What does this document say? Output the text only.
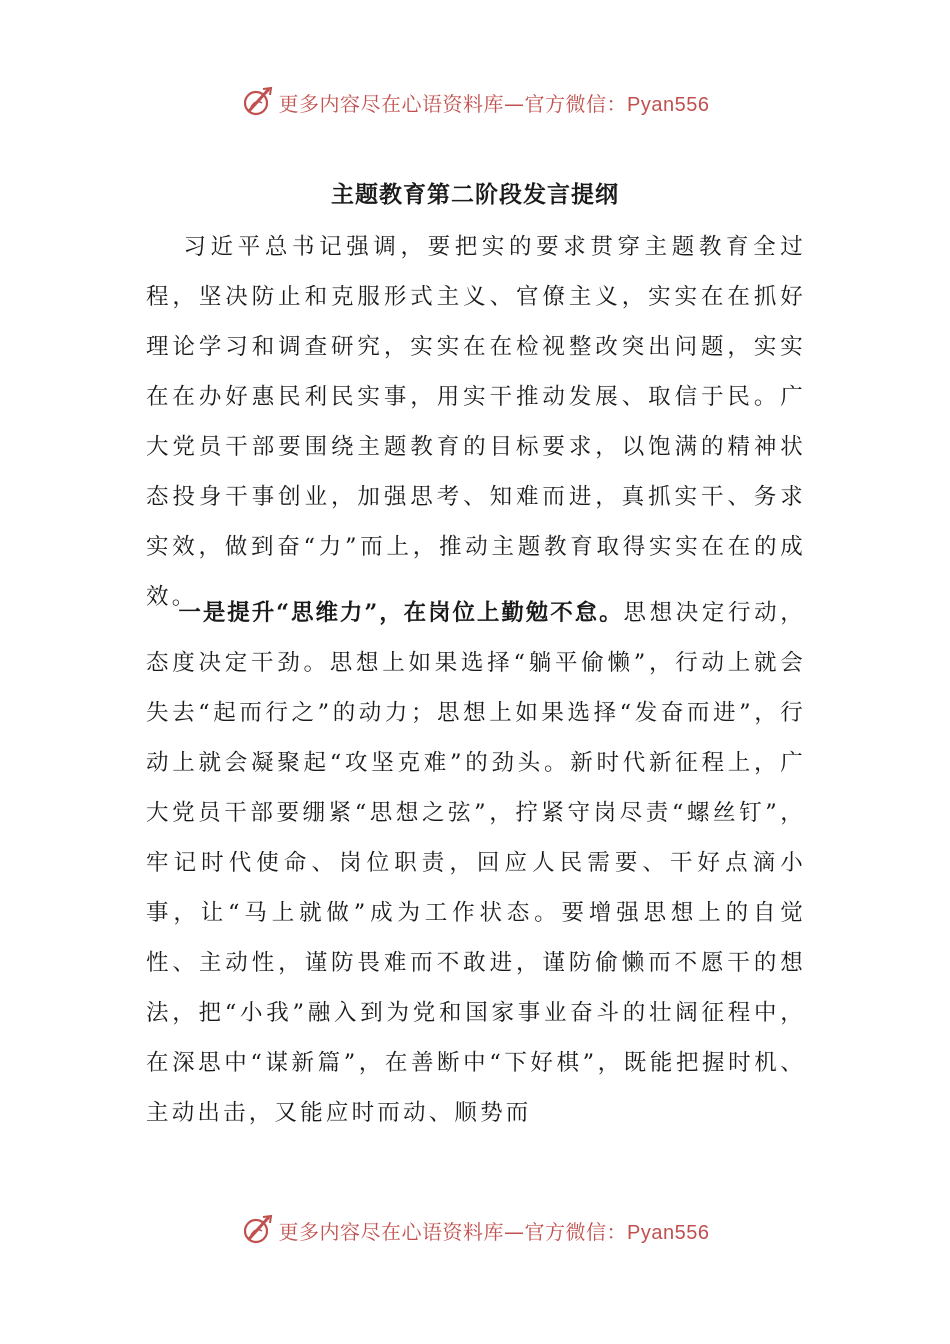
更多内容尽在心语资料库—官方微信：Pyan556
主题教育第二阶段发言提纲

习近平总书记强调，要把实的要求贯穿主题教育全过程，坚决防止和克服形式主义、官僚主义，实实在在抓好理论学习和调查研究，实实在在检视整改突出问题，实实在在办好惠民利民实事，用实干推动发展、取信于民。广大党员干部要围绕主题教育的目标要求，以饱满的精神状态投身干事创业，加强思考、知难而进，真抓实干、务求实效，做到奋“力”而上，推动主题教育取得实实在在的成效。

一是提升“思维力”，在岗位上勤勉不怠。思想决定行动，态度决定干劲。思想上如果选择“躺平偷懒”，行动上就会失去“起而行之”的动力；思想上如果选择“发奋而进”，行动上就会凝聚起“攻坚克难”的劲头。新时代新征程上，广大党员干部要绷紧“思想之弦”，拧紧守岗尽责“螺丝钉”，牢记时代使命、岗位职责，回应人民需要、干好点滴小事，让“马上就做”成为工作状态。要增强思想上的自觉性、主动性，谨防畏难而不敢进，谨防偷懒而不愿干的想法，把“小我”融入到为党和国家事业奋斗的壮阔征程中，在深思中“谋新篇”，在善断中“下好棋”，既能把握时机、主动出击，又能应时而动、顺势而

更多内容尽在心语资料库—官方微信：Pyan556
